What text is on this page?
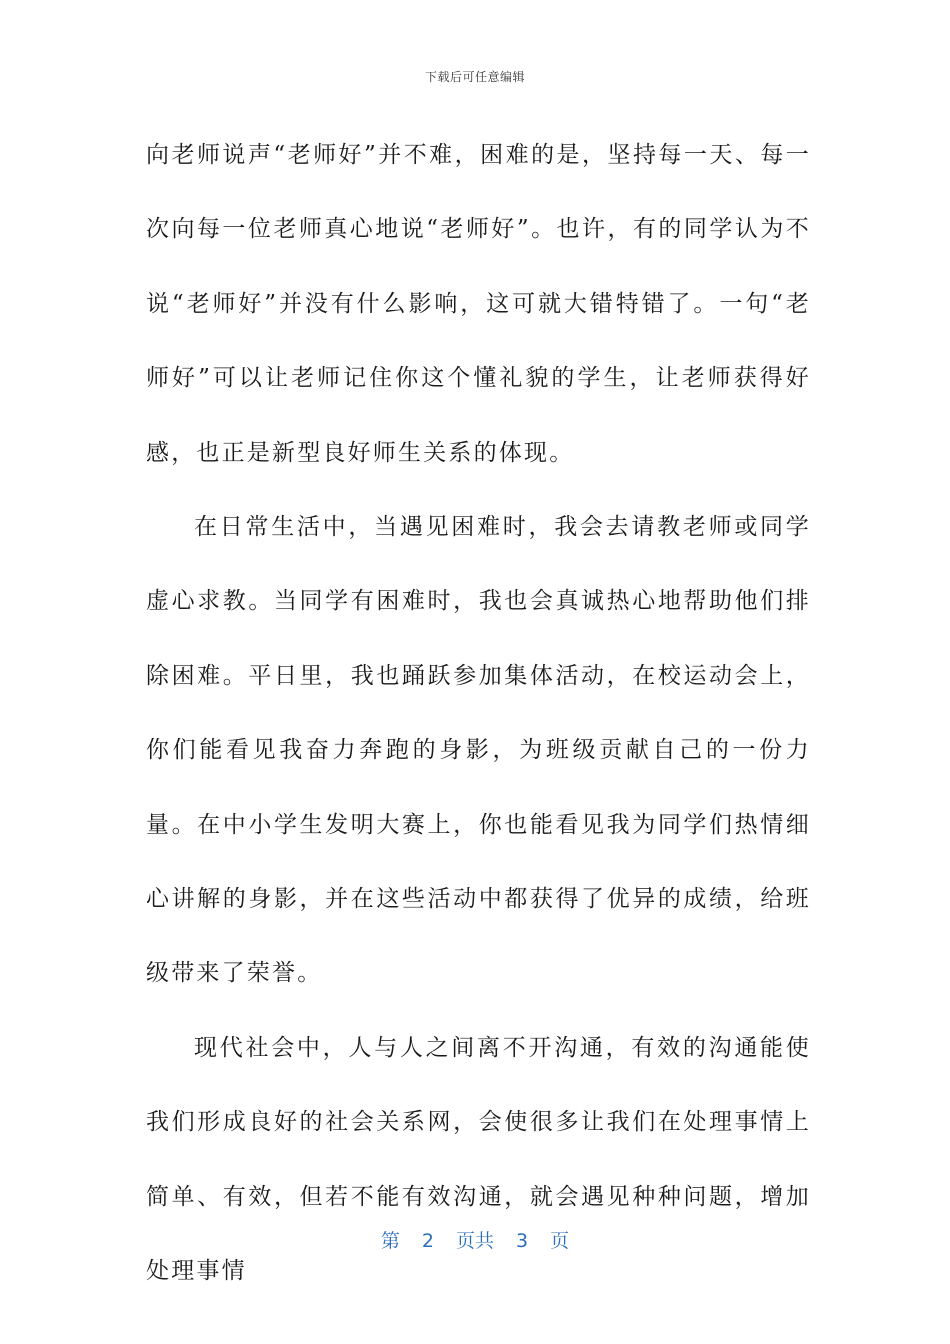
下载后可任意编辑

向老师说声“老师好”并不难，困难的是，坚持每一天、每一次向每一位老师真心地说“老师好”。也许，有的同学认为不说“老师好”并没有什么影响，这可就大错特错了。一句“老师好”可以让老师记住你这个懂礼貌的学生，让老师获得好感，也正是新型良好师生关系的体现。

在日常生活中，当遇见困难时，我会去请教老师或同学虚心求教。当同学有困难时，我也会真诚热心地帮助他们排除困难。平日里，我也踊跃参加集体活动，在校运动会上，你们能看见我奋力奔跑的身影，为班级贡献自己的一份力量。在中小学生发明大赛上，你也能看见我为同学们热情细心讲解的身影，并在这些活动中都获得了优异的成绩，给班级带来了荣誉。

现代社会中，人与人之间离不开沟通，有效的沟通能使我们形成良好的社会关系网，会使很多让我们在处理事情上简单、有效，但若不能有效沟通，就会遇见种种问题，增加处理事情

第 2 页共 3 页
